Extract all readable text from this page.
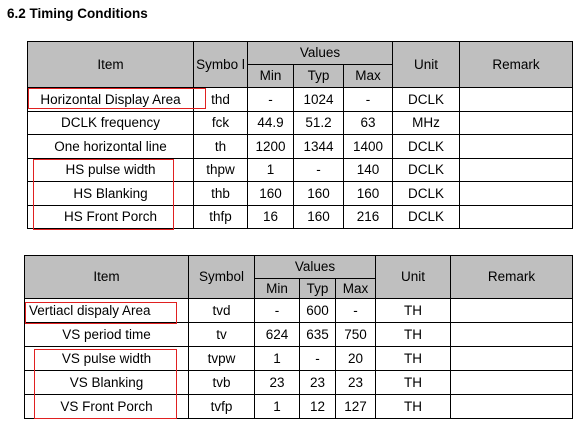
6.2 Timing Conditions
Item	Symbo l	Values			Unit	Remark
		Min	Typ	Max		
Horizontal Display Area	thd	-	1024	-	DCLK	
DCLK frequency	fck	44.9	51.2	63	MHz	
One horizontal line	th	1200	1344	1400	DCLK	
HS pulse width	thpw	1	-	140	DCLK	
HS Blanking	thb	160	160	160	DCLK	
HS Front Porch	thfp	16	160	216	DCLK	
Item	Symbol	Values			Unit	Remark
		Min	Typ	Max		
Vertiacl dispaly Area	tvd	-	600	-	TH	
VS period time	tv	624	635	750	TH	
VS pulse width	tvpw	1	-	20	TH	
VS Blanking	tvb	23	23	23	TH	
VS Front Porch	tvfp	1	12	127	TH	
